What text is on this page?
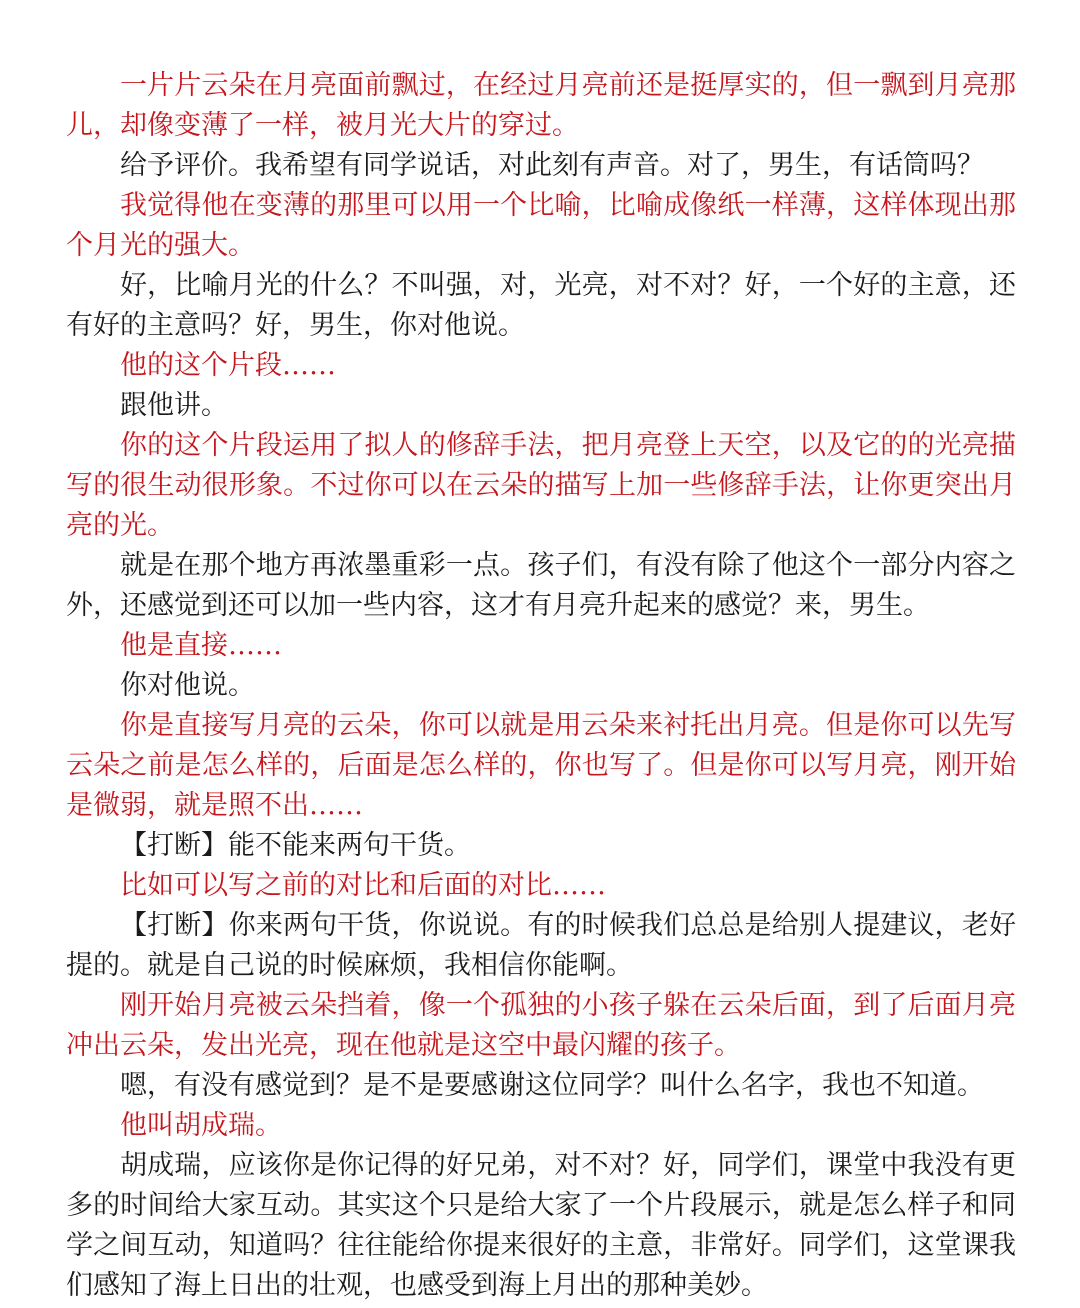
一片片云朵在月亮面前飘过，在经过月亮前还是挺厚实的，但一飘到月亮那儿，却像变薄了一样，被月光大片的穿过。

给予评价。我希望有同学说话，对此刻有声音。对了，男生，有话筒吗？

我觉得他在变薄的那里可以用一个比喻，比喻成像纸一样薄，这样体现出那个月光的强大。

好，比喻月光的什么？不叫强，对，光亮，对不对？好，一个好的主意，还有好的主意吗？好，男生，你对他说。

他的这个片段……

跟他讲。

你的这个片段运用了拟人的修辞手法，把月亮登上天空，以及它的的光亮描写的很生动很形象。不过你可以在云朵的描写上加一些修辞手法，让你更突出月亮的光。

就是在那个地方再浓墨重彩一点。孩子们，有没有除了他这个一部分内容之外，还感觉到还可以加一些内容，这才有月亮升起来的感觉？来，男生。

他是直接……

你对他说。

你是直接写月亮的云朵，你可以就是用云朵来衬托出月亮。但是你可以先写云朵之前是怎么样的，后面是怎么样的，你也写了。但是你可以写月亮，刚开始是微弱，就是照不出……

【打断】能不能来两句干货。

比如可以写之前的对比和后面的对比……

【打断】你来两句干货，你说说。有的时候我们总总是给别人提建议，老好提的。就是自己说的时候麻烦，我相信你能啊。

刚开始月亮被云朵挡着，像一个孤独的小孩子躲在云朵后面，到了后面月亮冲出云朵，发出光亮，现在他就是这空中最闪耀的孩子。

嗯，有没有感觉到？是不是要感谢这位同学？叫什么名字，我也不知道。

他叫胡成瑞。

胡成瑞，应该你是你记得的好兄弟，对不对？好，同学们，课堂中我没有更多的时间给大家互动。其实这个只是给大家了一个片段展示，就是怎么样子和同学之间互动，知道吗？往往能给你提来很好的主意，非常好。同学们，这堂课我们感知了海上日出的壮观，也感受到海上月出的那种美妙。
